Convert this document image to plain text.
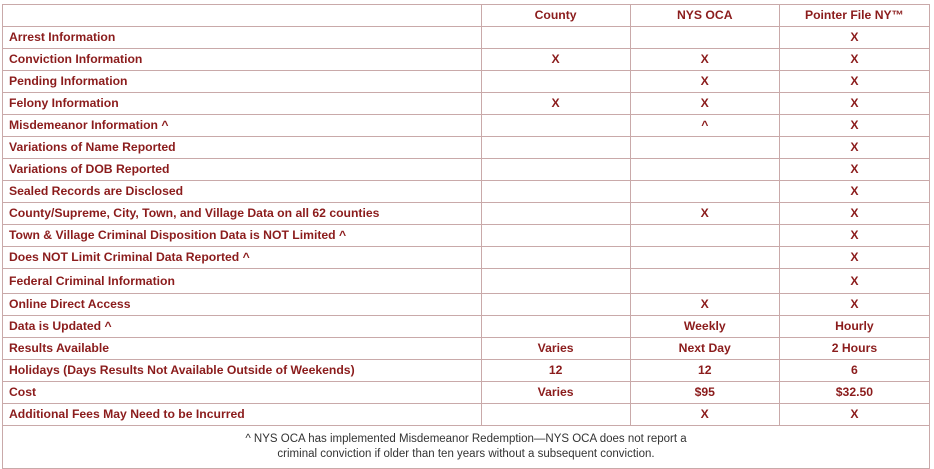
	County	NYS OCA	Pointer File NY™
Arrest Information			X
Conviction Information	X	X	X
Pending Information		X	X
Felony Information	X	X	X
Misdemeanor Information ^		^	X
Variations of Name Reported			X
Variations of DOB Reported			X
Sealed Records are Disclosed			X
County/Supreme, City, Town, and Village Data on all 62 counties		X	X
Town & Village Criminal Disposition Data is NOT Limited ^			X
Does NOT Limit Criminal Data Reported ^			X
Federal Criminal Information			X
Online Direct Access		X	X
Data is Updated ^		Weekly	Hourly
Results Available	Varies	Next Day	2 Hours
Holidays (Days Results Not Available Outside of Weekends)	12	12	6
Cost	Varies	$95	$32.50
Additional Fees May Need to be Incurred		X	X

^ NYS OCA has implemented Misdemeanor Redemption—NYS OCA does not report a
criminal conviction if older than ten years without a subsequent conviction.			
